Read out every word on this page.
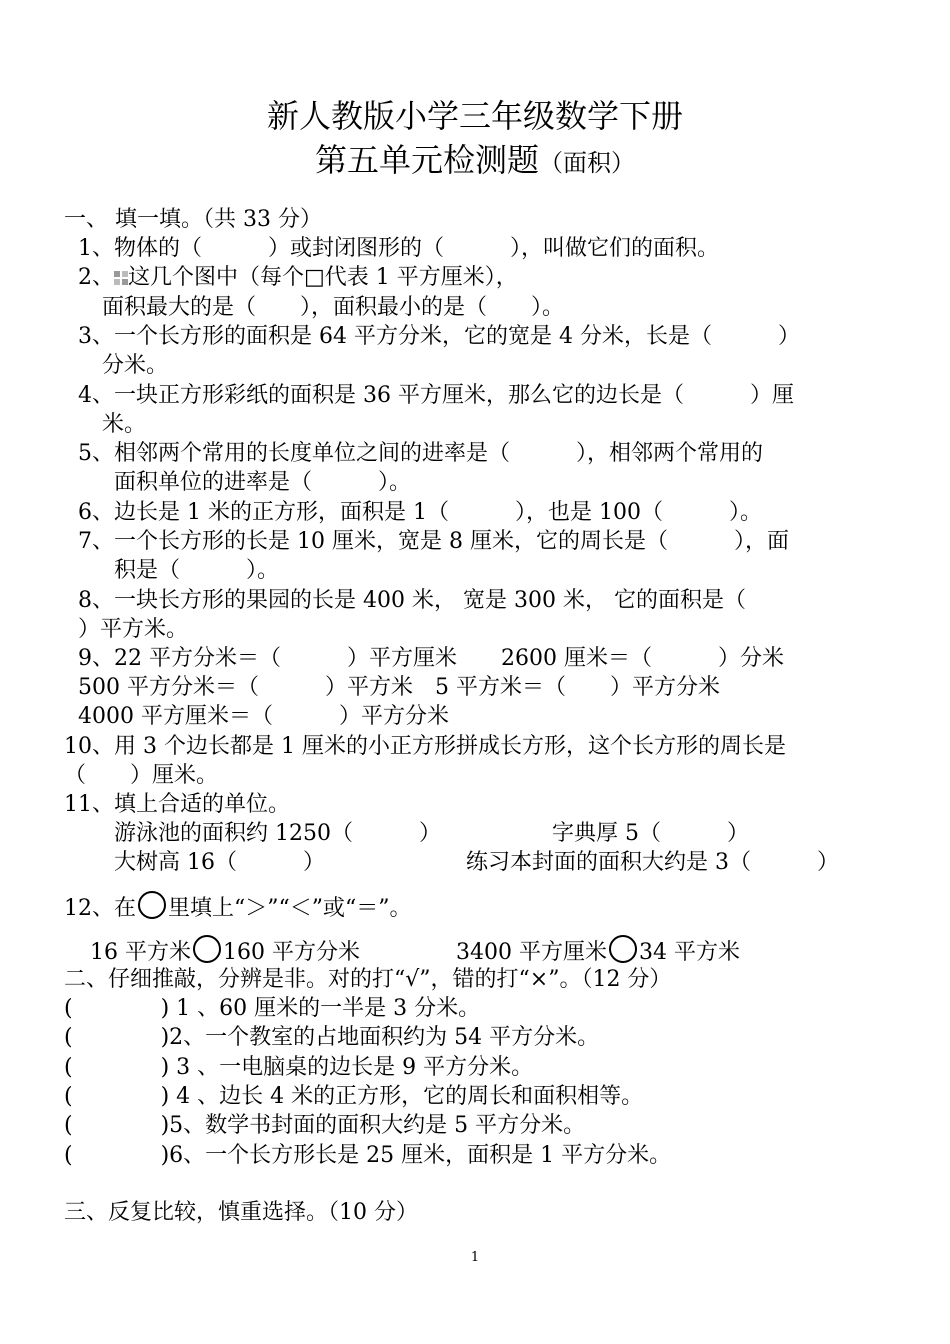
新人教版小学三年级数学下册
第五单元检测题（面积）
一、 填一填。（共 33 分）
1、物体的（　　　）或封闭图形的（　　　），叫做它们的面积。
2、 这几个图中（每个□代表 1 平方厘米），
面积最大的是（　　），面积最小的是（　　）。
3、一个长方形的面积是 64 平方分米，它的宽是 4 分米，长是（　　　）
分米。
4、一块正方形彩纸的面积是 36 平方厘米，那么它的边长是（　　　）厘
米。
5、相邻两个常用的长度单位之间的进率是（　　　），相邻两个常用的
面积单位的进率是（　　　）。
6、边长是 1 米的正方形，面积是 1（　　　），也是 100（　　　）。
7、一个长方形的长是 10 厘米，宽是 8 厘米，它的周长是（　　　），面
积是（　　　）。
8、一块长方形的果园的长是 400 米， 宽是 300 米， 它的面积是（
）平方米。
9、22 平方分米＝（　　　）平方厘米　　2600 厘米＝（　　　）分米
500 平方分米＝（　　　）平方米　5 平方米＝（　　）平方分米
4000 平方厘米＝（　　　）平方分米
10、用 3 个边长都是 1 厘米的小正方形拼成长方形，这个长方形的周长是
（　　）厘米。
11、填上合适的单位。
游泳池的面积约 1250（　　　）	字典厚 5（　　　）
大树高 16（　　　）	练习本封面的面积大约是 3（　　　）
12、在 里填上“＞”“＜”或“＝”。
16 平方米 160 平方分米	3400 平方厘米 34 平方米
二、仔细推敲，分辨是非。对的打“√”，错的打“×”。（12 分）
(　　　　) 1 、60 厘米的一半是 3 分米。
(　　　　)2、一个教室的占地面积约为 54 平方分米。
(　　　　) 3 、一电脑桌的边长是 9 平方分米。
(　　　　) 4 、边长 4 米的正方形，它的周长和面积相等。
(　　　　)5、数学书封面的面积大约是 5 平方分米。
(　　　　)6、一个长方形长是 25 厘米，面积是 1 平方分米。
三、反复比较，慎重选择。（10 分）
1
